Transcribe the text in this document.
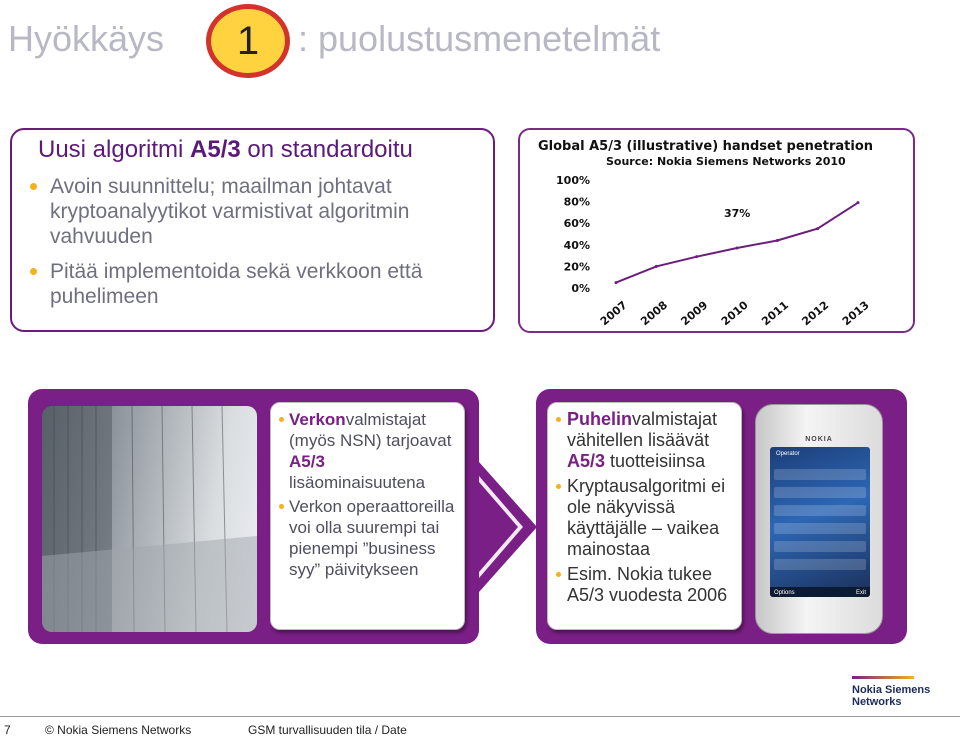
Hyökkäys 1 : puolustusmenetelmät
Uusi algoritmi A5/3 on standardoitu
Avoin suunnittelu; maailman johtavat kryptoanalyytikot varmistivat algoritmin vahvuuden
Pitää implementoida sekä verkkoon että puhelimeen
Global A5/3 (illustrative) handset penetration
Source: Nokia Siemens Networks 2010
100%
80%
60%
40%
20%
0%
2007 2008 2009 2010 2011 2012 2013
37%
Verkonvalmistajat (myös NSN) tarjoavat A5/3 lisäominaisuutena
Verkon operaattoreilla voi olla suurempi tai pienempi ”business syy” päivitykseen
Puhelinvalmistajat vähitellen lisäävät A5/3 tuotteisiinsa
Kryptausalgoritmi ei ole näkyvissä käyttäjälle – vaikea mainostaa
Esim. Nokia tukee A5/3 vuodesta 2006
NOKIA
Operator
Options	Exit
Nokia Siemens
Networks
7	© Nokia Siemens Networks	GSM turvallisuuden tila / Date
